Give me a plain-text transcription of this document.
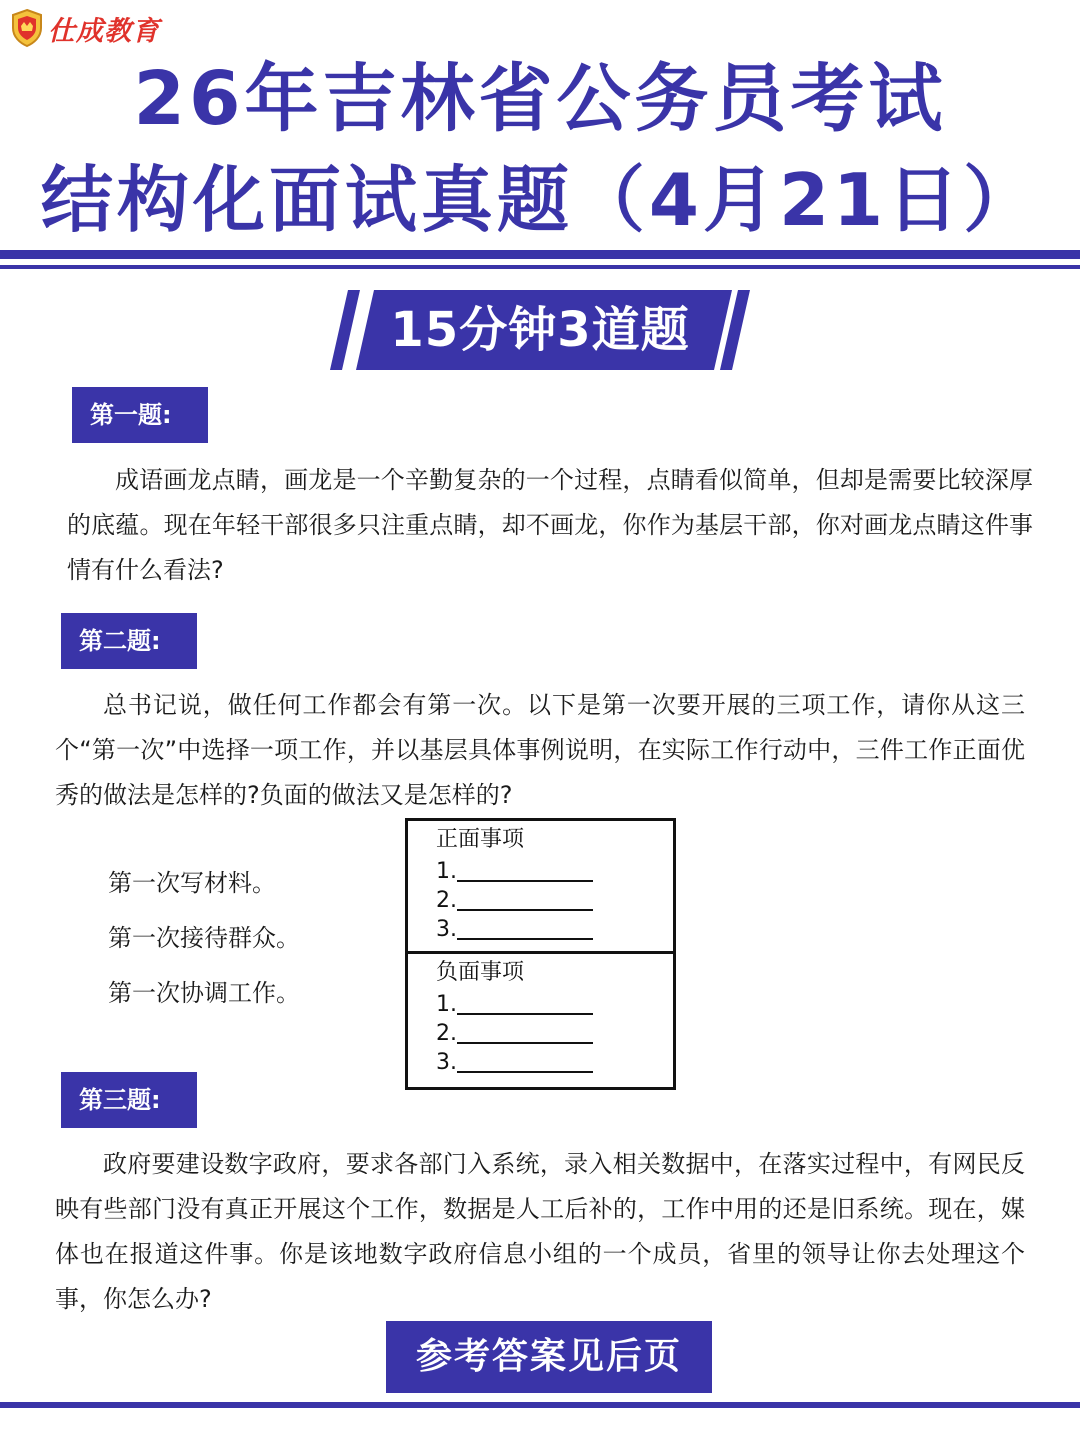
仕成教育
26年吉林省公务员考试
结构化面试真题（4月21日）
15分钟3道题
第一题:
成语画龙点睛，画龙是一个辛勤复杂的一个过程，点睛看似简单，但却是需要比较深厚的底蕴。现在年轻干部很多只注重点睛，却不画龙，你作为基层干部，你对画龙点睛这件事情有什么看法?
第二题:
总书记说，做任何工作都会有第一次。以下是第一次要开展的三项工作，请你从这三个“第一次”中选择一项工作，并以基层具体事例说明，在实际工作行动中，三件工作正面优秀的做法是怎样的?负面的做法又是怎样的?
第一次写材料。
第一次接待群众。
第一次协调工作。
正面事项
1.
2.
3.
负面事项
1.
2.
3.
第三题:
政府要建设数字政府，要求各部门入系统，录入相关数据中，在落实过程中，有网民反映有些部门没有真正开展这个工作，数据是人工后补的，工作中用的还是旧系统。现在，媒体也在报道这件事。你是该地数字政府信息小组的一个成员，省里的领导让你去处理这个事，你怎么办?
参考答案见后页
